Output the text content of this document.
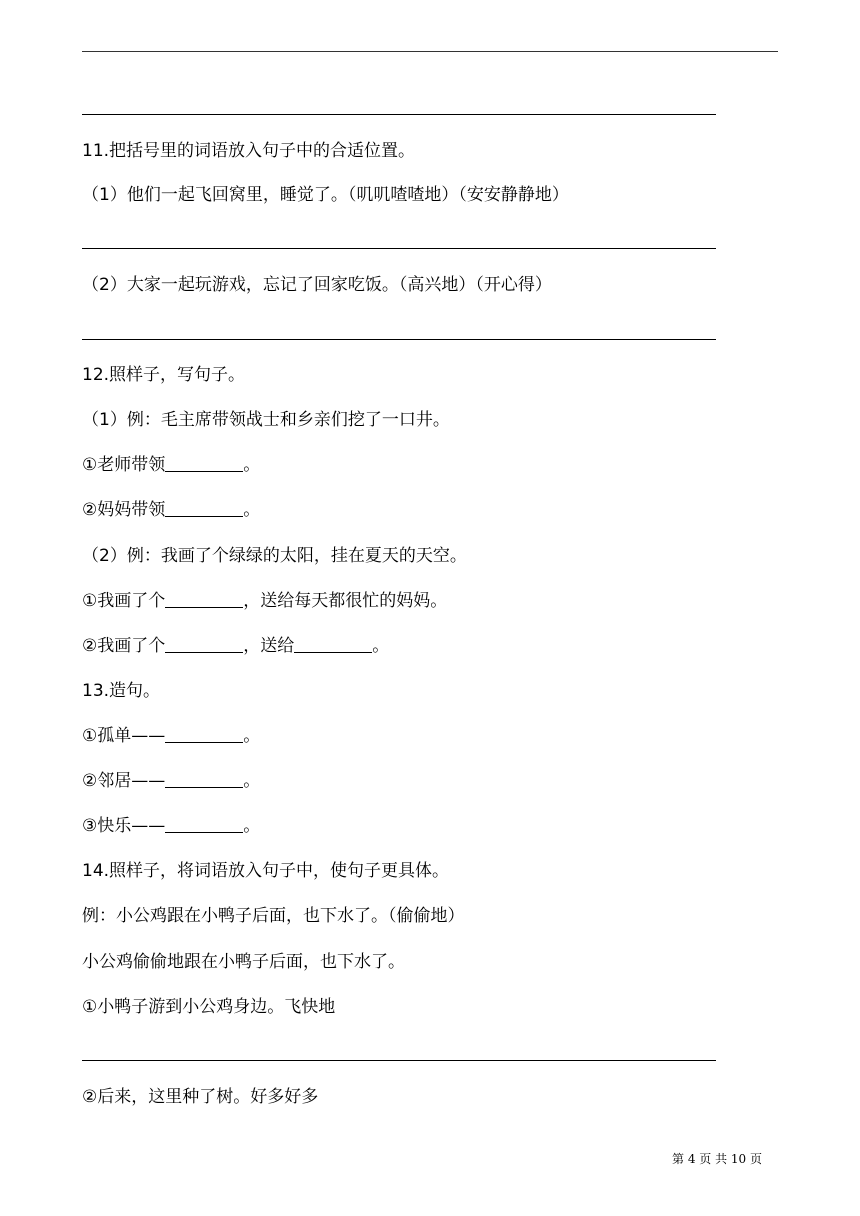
11.把括号里的词语放入句子中的合适位置。
（1）他们一起飞回窝里，睡觉了。（叽叽喳喳地）（安安静静地）
（2）大家一起玩游戏，忘记了回家吃饭。（高兴地）（开心得）
12.照样子，写句子。
（1）例：毛主席带领战士和乡亲们挖了一口井。
①老师带领	。
②妈妈带领	。
（2）例：我画了个绿绿的太阳，挂在夏天的天空。
①我画了个	，送给每天都很忙的妈妈。
②我画了个	，送给	。
13.造句。
①孤单——	。
②邻居——	。
③快乐——	。
14.照样子，将词语放入句子中，使句子更具体。
例：小公鸡跟在小鸭子后面，也下水了。（偷偷地）
小公鸡偷偷地跟在小鸭子后面，也下水了。
①小鸭子游到小公鸡身边。飞快地
②后来，这里种了树。好多好多
第 4 页 共 10 页
